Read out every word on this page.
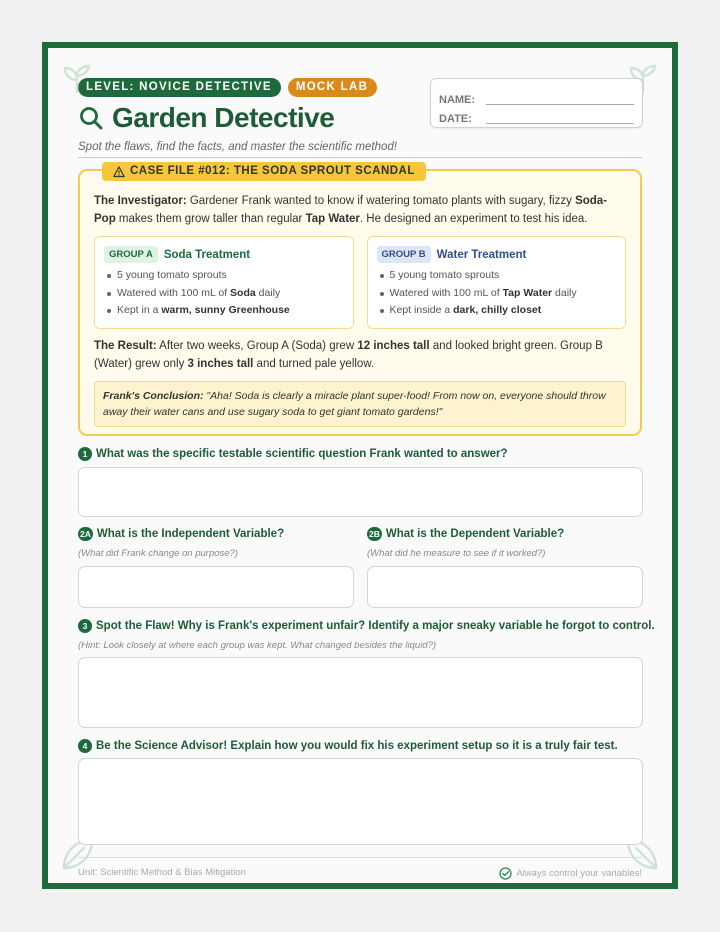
LEVEL: NOVICE DETECTIVE	MOCK LAB
Garden Detective
Spot the flaws, find the facts, and master the scientific method!
NAME:
DATE:
CASE FILE #012: THE SODA SPROUT SCANDAL

The Investigator: Gardener Frank wanted to know if watering tomato plants with sugary, fizzy Soda-Pop makes them grow taller than regular Tap Water. He designed an experiment to test his idea.

GROUP A Soda Treatment
5 young tomato sprouts
Watered with 100 mL of Soda daily
Kept in a warm, sunny Greenhouse
GROUP B Water Treatment
5 young tomato sprouts
Watered with 100 mL of Tap Water daily
Kept inside a dark, chilly closet

The Result: After two weeks, Group A (Soda) grew 12 inches tall and looked bright green. Group B (Water) grew only 3 inches tall and turned pale yellow.

Frank's Conclusion: "Aha! Soda is clearly a miracle plant super-food! From now on, everyone should throw away their water cans and use sugary soda to get giant tomato gardens!"
1 What was the specific testable scientific question Frank wanted to answer?
2A What is the Independent Variable?
(What did Frank change on purpose?)
2B What is the Dependent Variable?
(What did he measure to see if it worked?)
3 Spot the Flaw! Why is Frank's experiment unfair? Identify a major sneaky variable he forgot to control.
(Hint: Look closely at where each group was kept. What changed besides the liquid?)
4 Be the Science Advisor! Explain how you would fix his experiment setup so it is a truly fair test.
Unit: Scientific Method & Bias Mitigation	Always control your variables!
